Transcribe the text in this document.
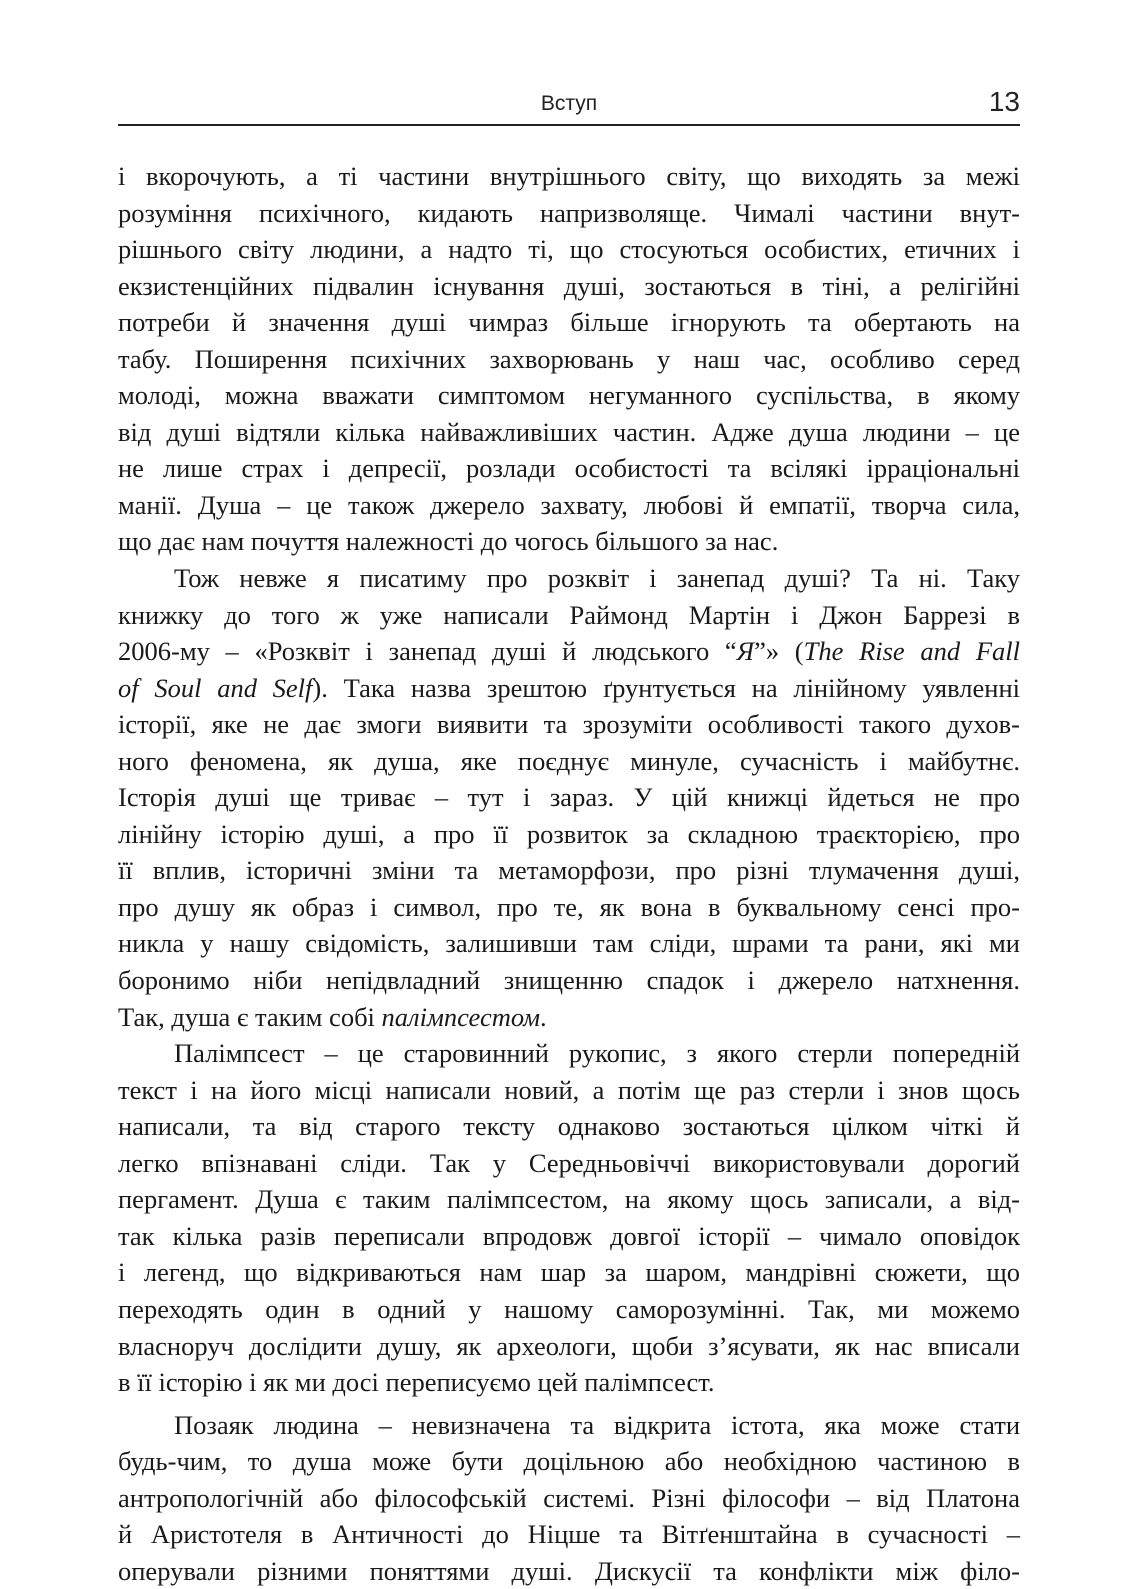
Вступ	13
і вкорочують, а ті частини внутрішнього світу, що виходять за межі
розуміння психічного, кидають напризволяще. Чималі частини внут-
рішнього світу людини, а надто ті, що стосуються особистих, етичних і
екзистенційних підвалин існування душі, зостаються в тіні, а релігійні
потреби й значення душі чимраз більше ігнорують та обертають на
табу. Поширення психічних захворювань у наш час, особливо серед
молоді, можна вважати симптомом негуманного суспільства, в якому
від душі відтяли кілька найважливіших частин. Адже душа людини – це
не лише страх і депресії, розлади особистості та всілякі ірраціональні
манії. Душа – це також джерело захвату, любові й емпатії, творча сила,
що дає нам почуття належності до чогось більшого за нас.
Тож невже я писатиму про розквіт і занепад душі? Та ні. Таку
книжку до того ж уже написали Раймонд Мартін і Джон Баррезі в
2006-му – «Розквіт і занепад душі й людського “Я”» (The Rise and Fall
of Soul and Self). Така назва зрештою ґрунтується на лінійному уявленні
історії, яке не дає змоги виявити та зрозуміти особливості такого духов-
ного феномена, як душа, яке поєднує минуле, сучасність і майбутнє.
Історія душі ще триває – тут і зараз. У цій книжці йдеться не про
лінійну історію душі, а про її розвиток за складною траєкторією, про
її вплив, історичні зміни та метаморфози, про різні тлумачення душі,
про душу як образ і символ, про те, як вона в буквальному сенсі про-
никла у нашу свідомість, залишивши там сліди, шрами та рани, які ми
боронимо ніби непідвладний знищенню спадок і джерело натхнення.
Так, душа є таким собі палімпсестом.
Палімпсест – це старовинний рукопис, з якого стерли попередній
текст і на його місці написали новий, а потім ще раз стерли і знов щось
написали, та від старого тексту однаково зостаються цілком чіткі й
легко впізнавані сліди. Так у Середньовіччі використовували дорогий
пергамент. Душа є таким палімпсестом, на якому щось записали, а від-
так кілька разів переписали впродовж довгої історії – чимало оповідок
і легенд, що відкриваються нам шар за шаром, мандрівні сюжети, що
переходять один в одний у нашому саморозумінні. Так, ми можемо
власноруч дослідити душу, як археологи, щоби з’ясувати, як нас вписали
в її історію і як ми досі переписуємо цей палімпсест.
Позаяк людина – невизначена та відкрита істота, яка може стати
будь-чим, то душа може бути доцільною або необхідною частиною в
антропологічній або філософській системі. Різні філософи – від Платона
й Аристотеля в Античності до Ніцше та Вітґенштайна в сучасності –
оперували різними поняттями душі. Дискусії та конфлікти між філо-
